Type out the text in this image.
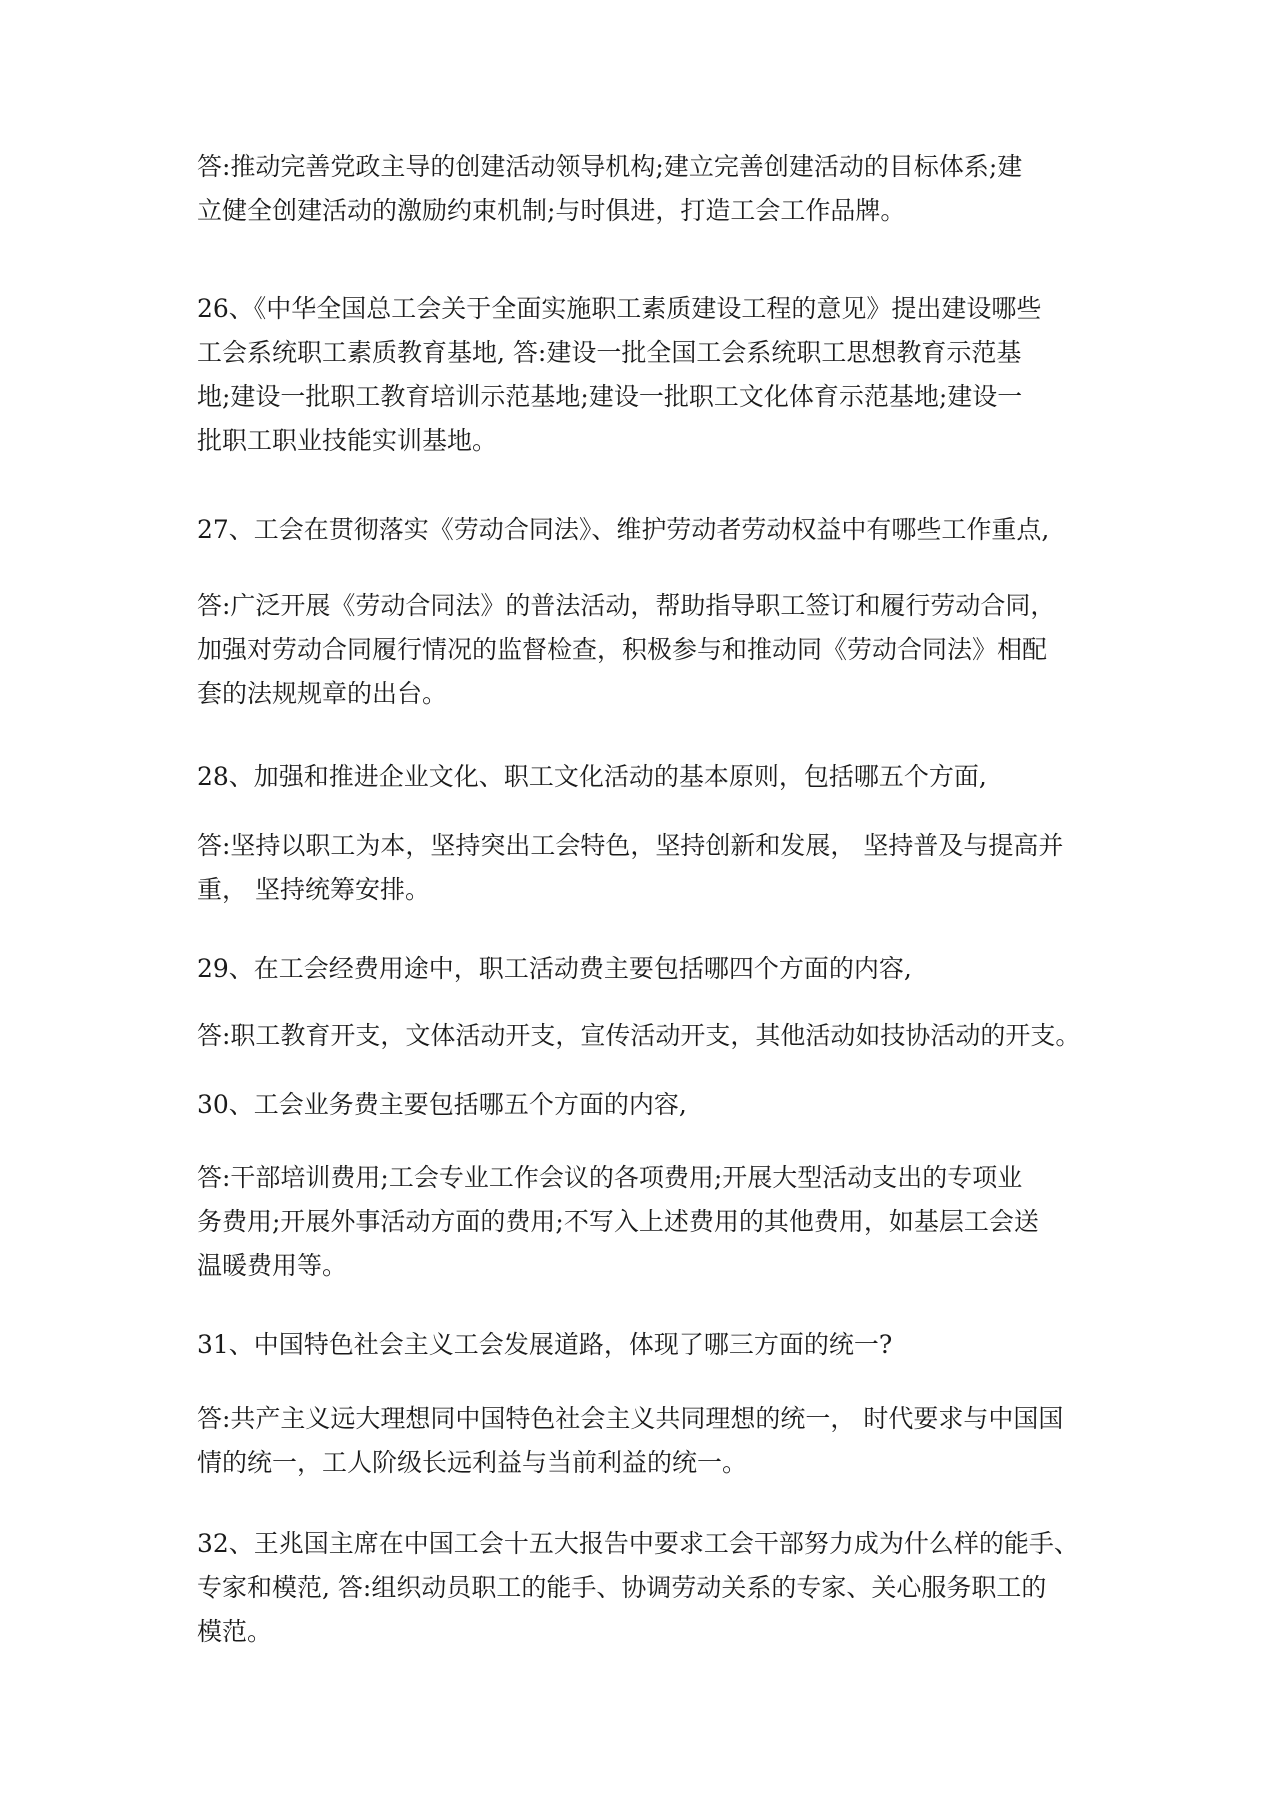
答:推动完善党政主导的创建活动领导机构;建立完善创建活动的目标体系;建
立健全创建活动的激励约束机制;与时俱进，打造工会工作品牌。

26、《中华全国总工会关于全面实施职工素质建设工程的意见》提出建设哪些
工会系统职工素质教育基地, 答:建设一批全国工会系统职工思想教育示范基
地;建设一批职工教育培训示范基地;建设一批职工文化体育示范基地;建设一
批职工职业技能实训基地。

27、工会在贯彻落实《劳动合同法》、维护劳动者劳动权益中有哪些工作重点,

答:广泛开展《劳动合同法》的普法活动，帮助指导职工签订和履行劳动合同，
加强对劳动合同履行情况的监督检查，积极参与和推动同《劳动合同法》相配
套的法规规章的出台。

28、加强和推进企业文化、职工文化活动的基本原则，包括哪五个方面,

答:坚持以职工为本，坚持突出工会特色，坚持创新和发展， 坚持普及与提高并
重， 坚持统筹安排。

29、在工会经费用途中，职工活动费主要包括哪四个方面的内容,

答:职工教育开支，文体活动开支，宣传活动开支，其他活动如技协活动的开支。

30、工会业务费主要包括哪五个方面的内容,

答:干部培训费用;工会专业工作会议的各项费用;开展大型活动支出的专项业
务费用;开展外事活动方面的费用;不写入上述费用的其他费用，如基层工会送
温暖费用等。

31、中国特色社会主义工会发展道路，体现了哪三方面的统一?

答:共产主义远大理想同中国特色社会主义共同理想的统一， 时代要求与中国国
情的统一，工人阶级长远利益与当前利益的统一。

32、王兆国主席在中国工会十五大报告中要求工会干部努力成为什么样的能手、
专家和模范, 答:组织动员职工的能手、协调劳动关系的专家、关心服务职工的
模范。
